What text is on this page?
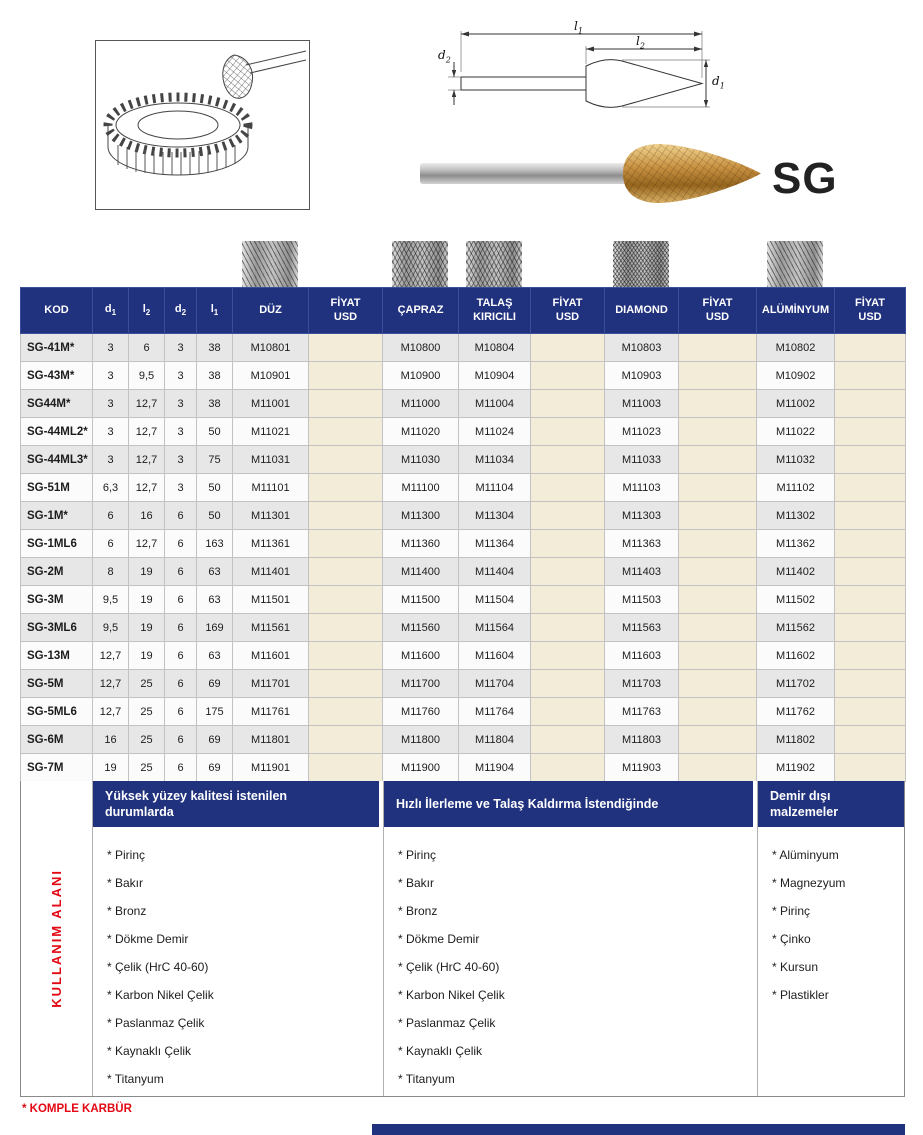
$l_1$
$l_2$
$d_2$
$d_1$
SG
KOD	$d_1$	$l_2$	$d_2$	$l_1$	DÜZ	FİYAT USD	ÇAPRAZ	TALAŞ KIRICILI	FİYAT USD	DIAMOND	FİYAT USD	ALÜMİNYUM	FİYAT USD
SG-41M*	3	6	3	38	M10801		M10800	M10804		M10803		M10802	
SG-43M*	3	9,5	3	38	M10901		M10900	M10904		M10903		M10902	
SG44M*	3	12,7	3	38	M11001		M11000	M11004		M11003		M11002	
SG-44ML2*	3	12,7	3	50	M11021		M11020	M11024		M11023		M11022	
SG-44ML3*	3	12,7	3	75	M11031		M11030	M11034		M11033		M11032	
SG-51M	6,3	12,7	3	50	M11101		M11100	M11104		M11103		M11102	
SG-1M*	6	16	6	50	M11301		M11300	M11304		M11303		M11302	
SG-1ML6	6	12,7	6	163	M11361		M11360	M11364		M11363		M11362	
SG-2M	8	19	6	63	M11401		M11400	M11404		M11403		M11402	
SG-3M	9,5	19	6	63	M11501		M11500	M11504		M11503		M11502	
SG-3ML6	9,5	19	6	169	M11561		M11560	M11564		M11563		M11562	
SG-13M	12,7	19	6	63	M11601		M11600	M11604		M11603		M11602	
SG-5M	12,7	25	6	69	M11701		M11700	M11704		M11703		M11702	
SG-5ML6	12,7	25	6	175	M11761		M11760	M11764		M11763		M11762	
SG-6M	16	25	6	69	M11801		M11800	M11804		M11803		M11802	
SG-7M	19	25	6	69	M11901		M11900	M11904		M11903		M11902	
KULLANIM ALANI
Yüksek yüzey kalitesi istenilen durumlarda
* Pirinç
* Bakır
* Bronz
* Dökme Demir
* Çelik (HrC 40-60)
* Karbon Nikel Çelik
* Paslanmaz Çelik
* Kaynaklı Çelik
* Titanyum
Hızlı İlerleme ve Talaş Kaldırma İstendiğinde
* Pirinç
* Bakır
* Bronz
* Dökme Demir
* Çelik (HrC 40-60)
* Karbon Nikel Çelik
* Paslanmaz Çelik
* Kaynaklı Çelik
* Titanyum
Demir dışı malzemeler
* Alüminyum
* Magnezyum
* Pirinç
* Çinko
* Kursun
* Plastikler
* KOMPLE KARBÜR
